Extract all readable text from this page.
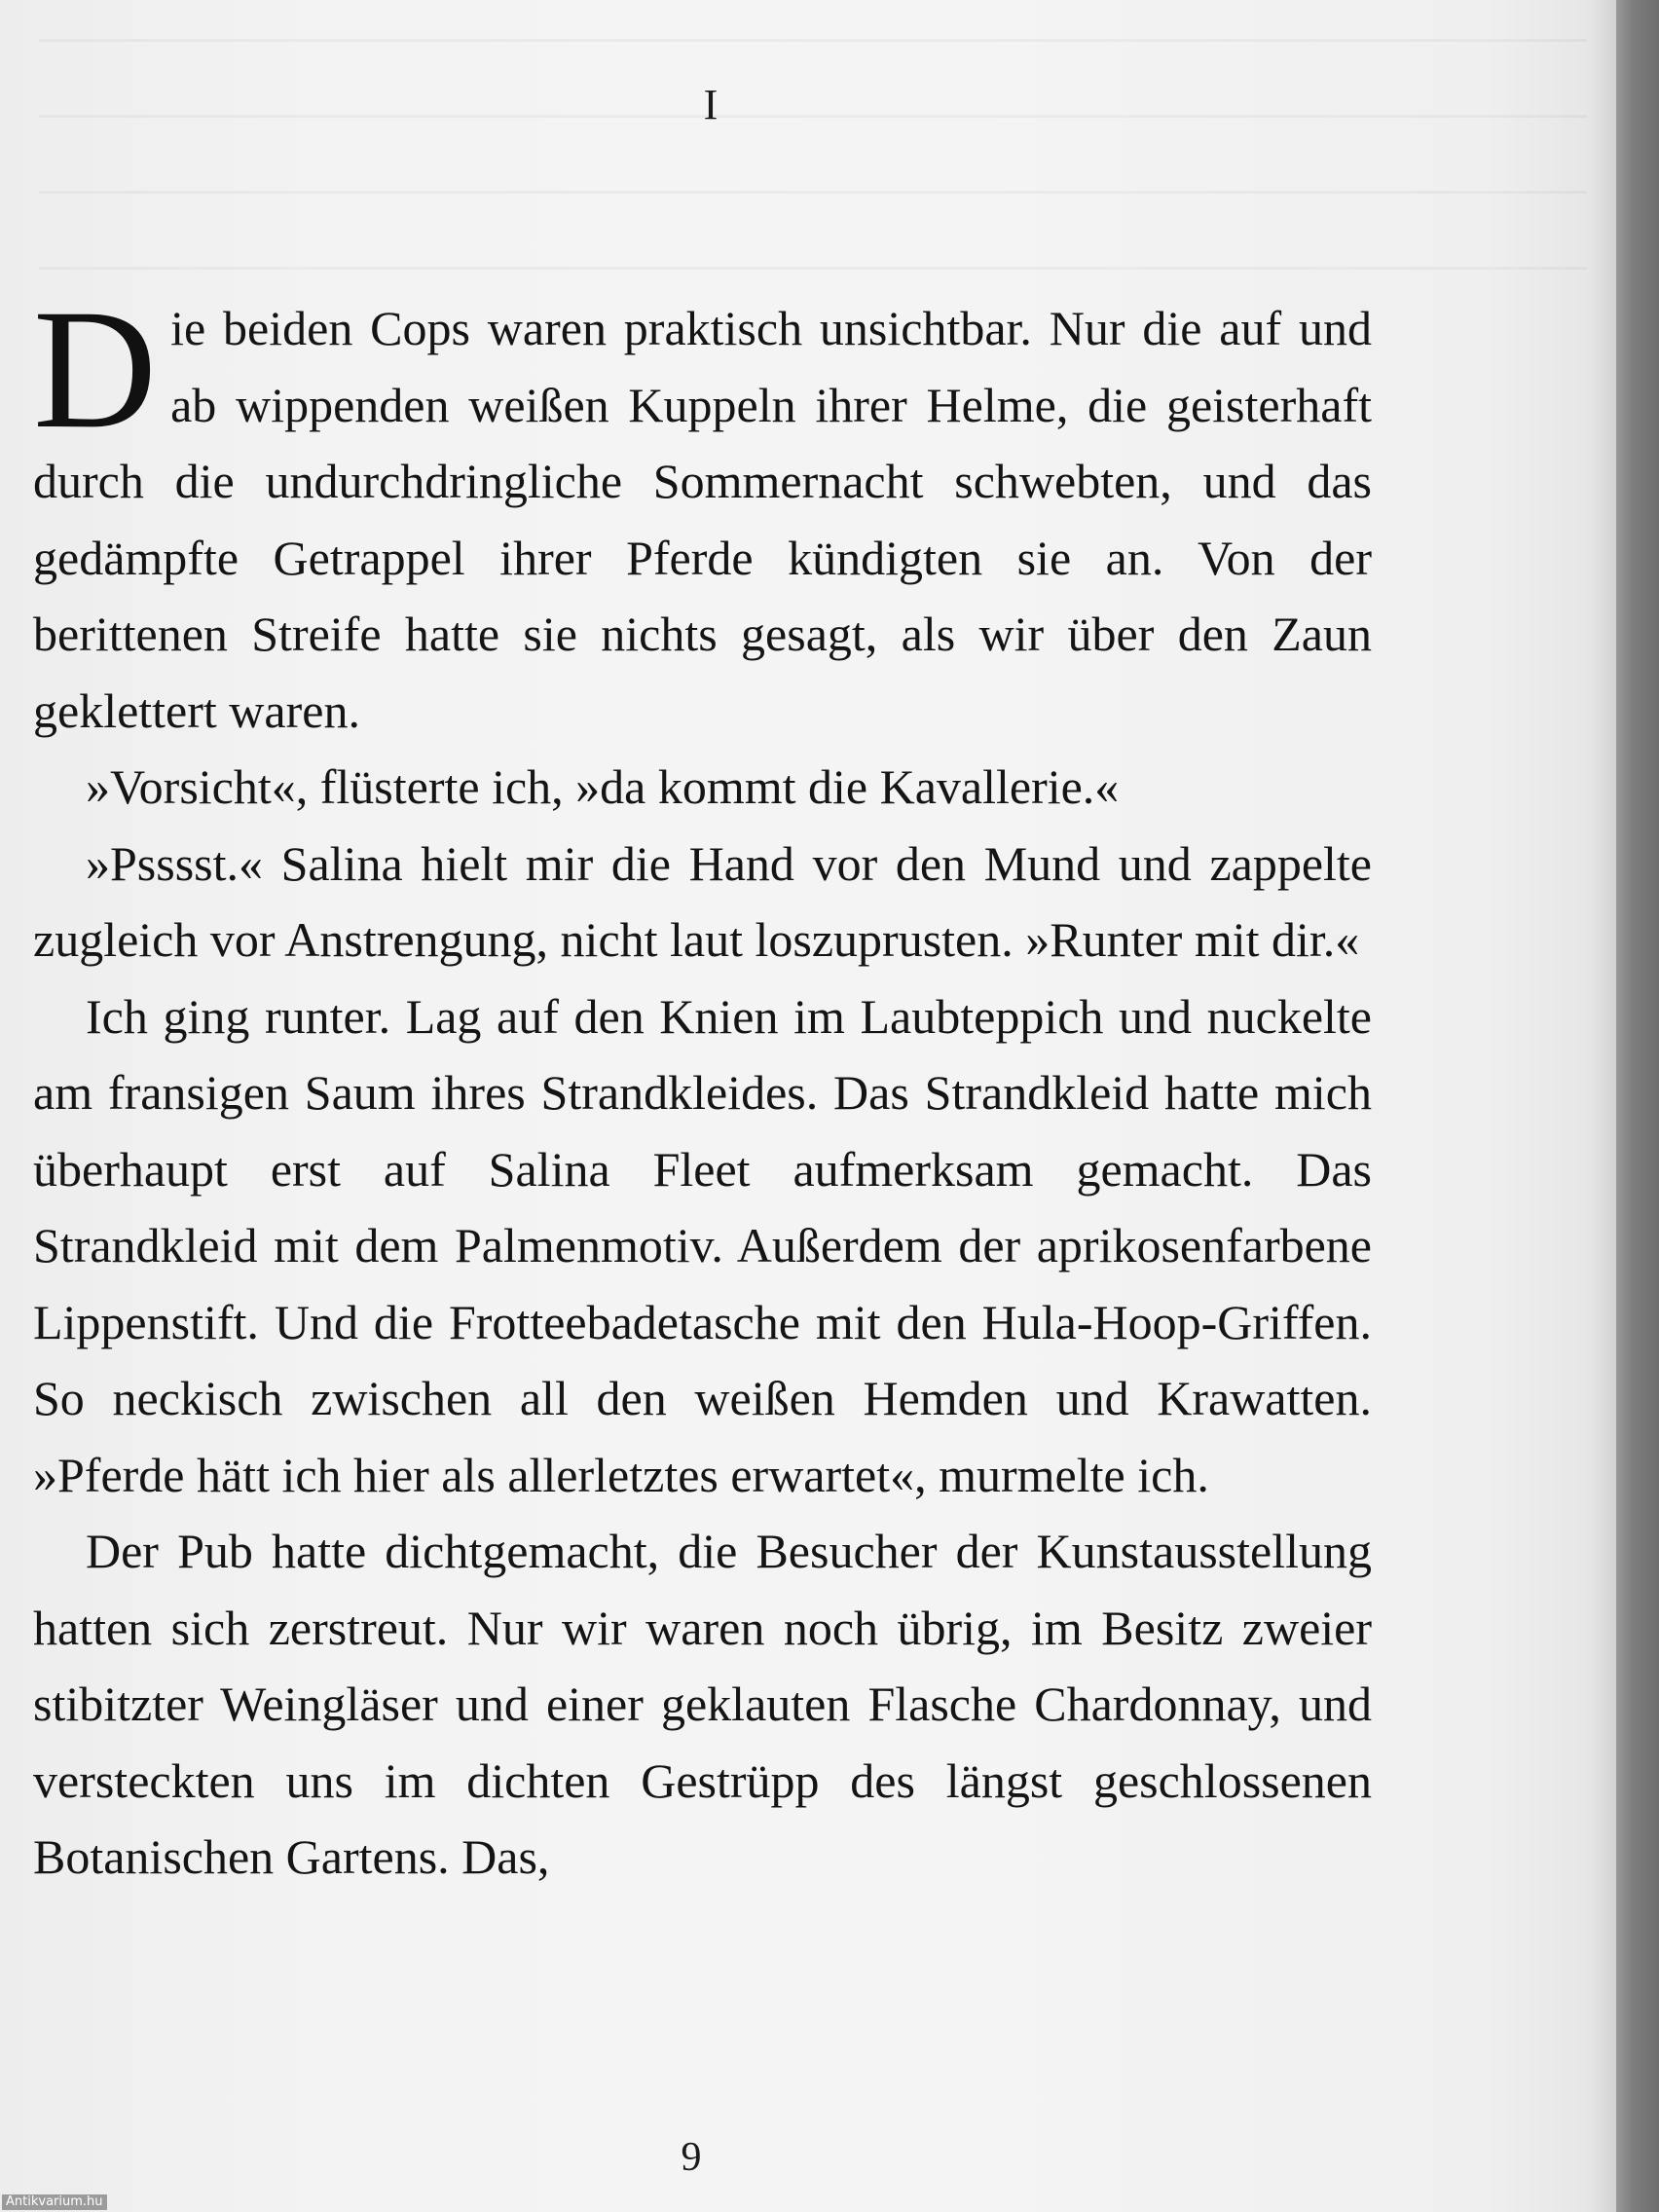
I

Die beiden Cops waren praktisch unsichtbar. Nur die auf und ab wippenden weißen Kuppeln ihrer Helme, die geisterhaft durch die undurchdringliche Sommernacht schwebten, und das gedämpfte Getrappel ihrer Pferde kündigten sie an. Von der berittenen Streife hatte sie nichts gesagt, als wir über den Zaun geklettert waren.

»Vorsicht«, flüsterte ich, »da kommt die Kavallerie.«

»Psssst.« Salina hielt mir die Hand vor den Mund und zappelte zugleich vor Anstrengung, nicht laut loszuprusten. »Runter mit dir.«

Ich ging runter. Lag auf den Knien im Laubteppich und nuckelte am fransigen Saum ihres Strandkleides. Das Strandkleid hatte mich überhaupt erst auf Salina Fleet aufmerksam gemacht. Das Strandkleid mit dem Palmenmotiv. Außerdem der aprikosenfarbene Lippenstift. Und die Frotteebadetasche mit den Hula-Hoop-Griffen. So neckisch zwischen all den weißen Hemden und Krawatten. »Pferde hätt ich hier als allerletztes erwartet«, murmelte ich.

Der Pub hatte dichtgemacht, die Besucher der Kunstausstellung hatten sich zerstreut. Nur wir waren noch übrig, im Besitz zweier stibitzter Weingläser und einer geklauten Flasche Chardonnay, und versteckten uns im dichten Gestrüpp des längst geschlossenen Botanischen Gartens. Das,

9
Antikvarium.hu
